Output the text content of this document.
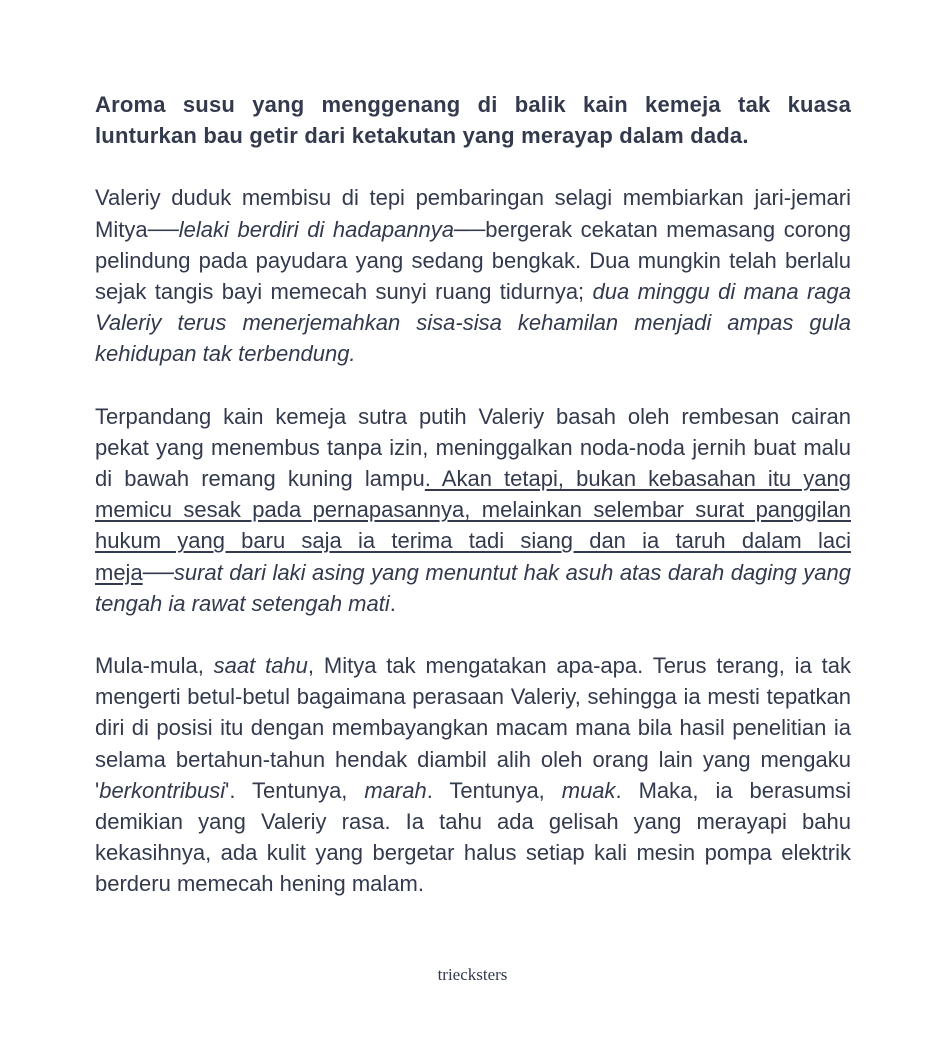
Aroma susu yang menggenang di balik kain kemeja tak kuasa lunturkan bau getir dari ketakutan yang merayap dalam dada.

Valeriy duduk membisu di tepi pembaringan selagi membiarkan jari-jemari Mitya──lelaki berdiri di hadapannya──bergerak cekatan memasang corong pelindung pada payudara yang sedang bengkak. Dua mungkin telah berlalu sejak tangis bayi memecah sunyi ruang tidurnya; dua minggu di mana raga Valeriy terus menerjemahkan sisa-sisa kehamilan menjadi ampas gula kehidupan tak terbendung.

Terpandang kain kemeja sutra putih Valeriy basah oleh rembesan cairan pekat yang menembus tanpa izin, meninggalkan noda-noda jernih buat malu di bawah remang kuning lampu. Akan tetapi, bukan kebasahan itu yang memicu sesak pada pernapasannya, melainkan selembar surat panggilan hukum yang baru saja ia terima tadi siang dan ia taruh dalam laci meja──surat dari laki asing yang menuntut hak asuh atas darah daging yang tengah ia rawat setengah mati.

Mula-mula, saat tahu, Mitya tak mengatakan apa-apa. Terus terang, ia tak mengerti betul-betul bagaimana perasaan Valeriy, sehingga ia mesti tepatkan diri di posisi itu dengan membayangkan macam mana bila hasil penelitian ia selama bertahun-tahun hendak diambil alih oleh orang lain yang mengaku 'berkontribusi'. Tentunya, marah. Tentunya, muak. Maka, ia berasumsi demikian yang Valeriy rasa. Ia tahu ada gelisah yang merayapi bahu kekasihnya, ada kulit yang bergetar halus setiap kali mesin pompa elektrik berderu memecah hening malam.

triecksters
